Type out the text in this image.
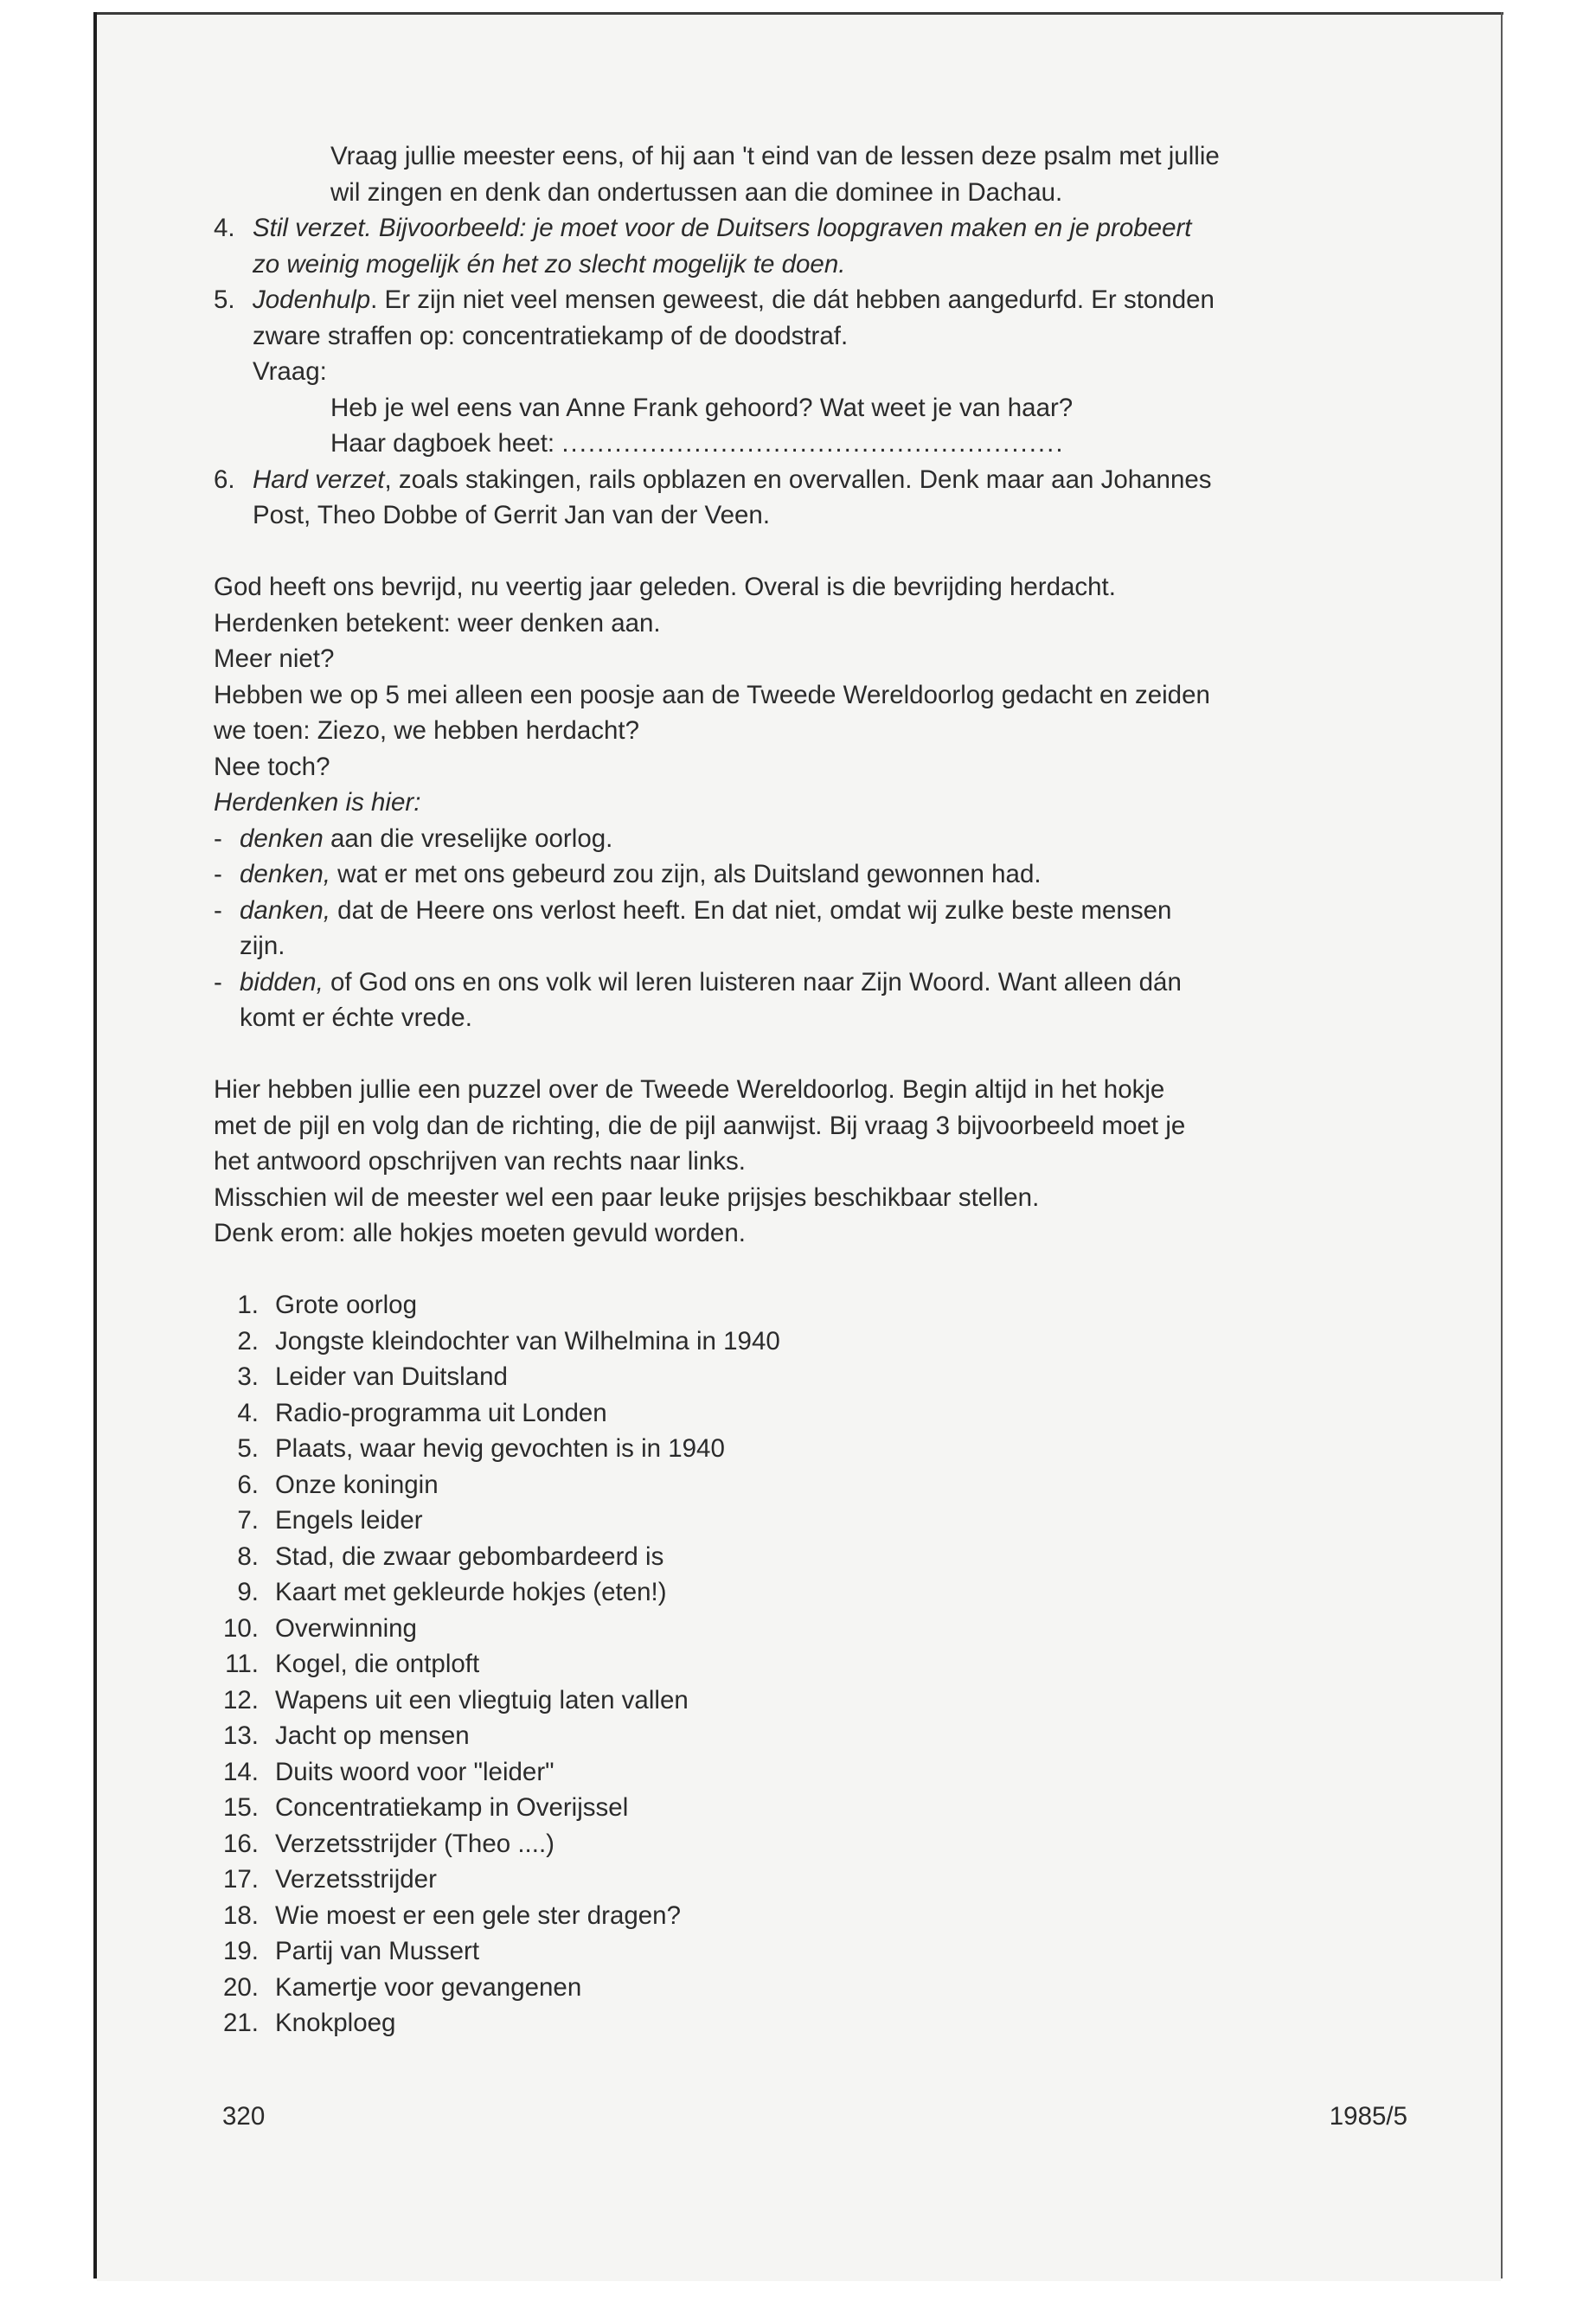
Vraag jullie meester eens, of hij aan 't eind van de lessen deze psalm met jullie
wil zingen en denk dan ondertussen aan die dominee in Dachau.
4. Stil verzet. Bijvoorbeeld: je moet voor de Duitsers loopgraven maken en je probeert
zo weinig mogelijk én het zo slecht mogelijk te doen.
5. Jodenhulp. Er zijn niet veel mensen geweest, die dát hebben aangedurfd. Er stonden
zware straffen op: concentratiekamp of de doodstraf.
Vraag:
Heb je wel eens van Anne Frank gehoord? Wat weet je van haar?
Haar dagboek heet: .........................................................
6. Hard verzet, zoals stakingen, rails opblazen en overvallen. Denk maar aan Johannes
Post, Theo Dobbe of Gerrit Jan van der Veen.
God heeft ons bevrijd, nu veertig jaar geleden. Overal is die bevrijding herdacht.
Herdenken betekent: weer denken aan.
Meer niet?
Hebben we op 5 mei alleen een poosje aan de Tweede Wereldoorlog gedacht en zeiden
we toen: Ziezo, we hebben herdacht?
Nee toch?
Herdenken is hier:
- denken aan die vreselijke oorlog.
- denken, wat er met ons gebeurd zou zijn, als Duitsland gewonnen had.
- danken, dat de Heere ons verlost heeft. En dat niet, omdat wij zulke beste mensen
zijn.
- bidden, of God ons en ons volk wil leren luisteren naar Zijn Woord. Want alleen dán
komt er échte vrede.
Hier hebben jullie een puzzel over de Tweede Wereldoorlog. Begin altijd in het hokje
met de pijl en volg dan de richting, die de pijl aanwijst. Bij vraag 3 bijvoorbeeld moet je
het antwoord opschrijven van rechts naar links.
Misschien wil de meester wel een paar leuke prijsjes beschikbaar stellen.
Denk erom: alle hokjes moeten gevuld worden.
1. Grote oorlog
2. Jongste kleindochter van Wilhelmina in 1940
3. Leider van Duitsland
4. Radio-programma uit Londen
5. Plaats, waar hevig gevochten is in 1940
6. Onze koningin
7. Engels leider
8. Stad, die zwaar gebombardeerd is
9. Kaart met gekleurde hokjes (eten!)
10. Overwinning
11. Kogel, die ontploft
12. Wapens uit een vliegtuig laten vallen
13. Jacht op mensen
14. Duits woord voor "leider"
15. Concentratiekamp in Overijssel
16. Verzetsstrijder (Theo ....)
17. Verzetsstrijder
18. Wie moest er een gele ster dragen?
19. Partij van Mussert
20. Kamertje voor gevangenen
21. Knokploeg
320	1985/5
